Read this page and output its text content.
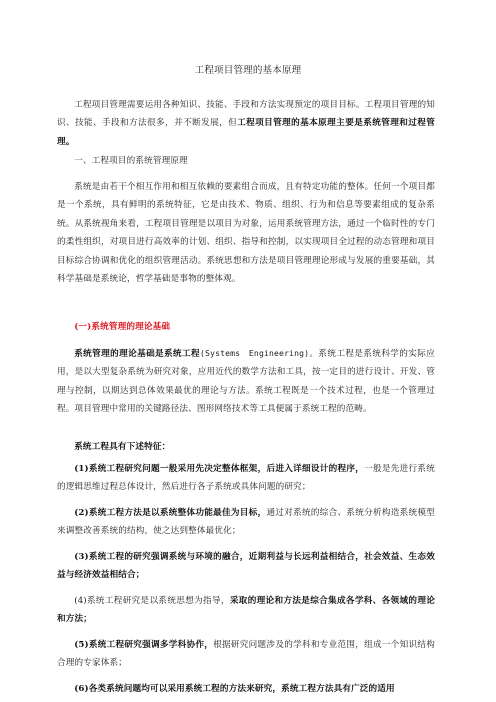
工程项目管理的基本原理
工程项目管理需要运用各种知识、技能、手段和方法实现预定的项目目标。工程项目管理的知识、技能、手段和方法很多，并不断发展，但工程项目管理的基本原理主要是系统管理和过程管理。
一、工程项目的系统管理原理
系统是由若干个相互作用和相互依赖的要素组合而成，且有特定功能的整体。任何一个项目都是一个系统，具有鲜明的系统特征，它是由技术、物质、组织、行为和信息等要素组成的复杂系统。从系统视角来看，工程项目管理是以项目为对象，运用系统管理方法，通过一个临时性的专门的柔性组织，对项目进行高效率的计划、组织、指导和控制，以实现项目全过程的动态管理和项目目标综合协调和优化的组织管理活动。系统思想和方法是项目管理理论形成与发展的重要基础，其科学基础是系统论，哲学基础是事物的整体观。
(一)系统管理的理论基础
系统管理的理论基础是系统工程(Systems　Engineering)。系统工程是系统科学的实际应用，是以大型复杂系统为研究对象，应用近代的数学方法和工具，按一定目的进行设计、开发、管理与控制，以期达到总体效果最优的理论与方法。系统工程既是一个技术过程，也是一个管理过程。项目管理中常用的关键路径法、图形网络技术等工具便属于系统工程的范畴。
系统工程具有下述特征：
(1)系统工程研究问题一般采用先决定整体框架，后进入详细设计的程序，一般是先进行系统的逻辑思维过程总体设计，然后进行各子系统或具体问题的研究；
(2)系统工程方法是以系统整体功能最佳为目标，通过对系统的综合、系统分析构造系统模型来调整改善系统的结构，使之达到整体最优化；
(3)系统工程的研究强调系统与环境的融合，近期利益与长远利益相结合，社会效益、生态效益与经济效益相结合；
(4)系统工程研究是以系统思想为指导，采取的理论和方法是综合集成各学科、各领域的理论和方法；
(5)系统工程研究强调多学科协作，根据研究问题涉及的学科和专业范围，组成一个知识结构合理的专家体系；
(6)各类系统问题均可以采用系统工程的方法来研究，系统工程方法具有广泛的适用
